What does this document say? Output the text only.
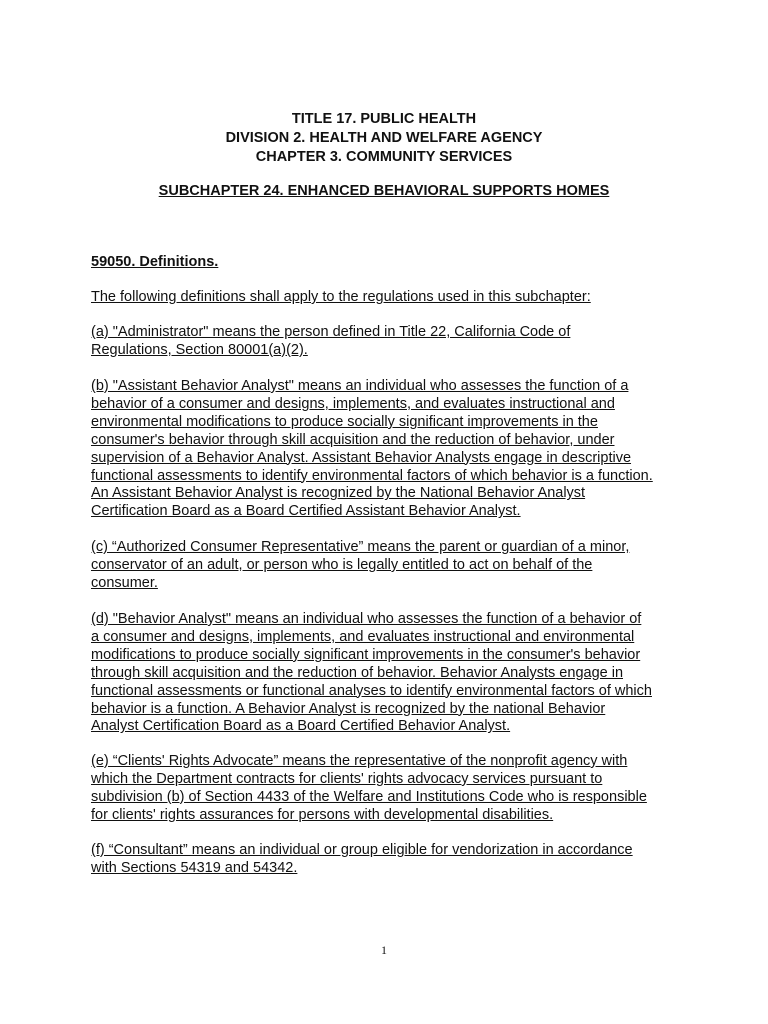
TITLE 17. PUBLIC HEALTH
DIVISION 2. HEALTH AND WELFARE AGENCY
CHAPTER 3. COMMUNITY SERVICES
SUBCHAPTER 24. ENHANCED BEHAVIORAL SUPPORTS HOMES
59050. Definitions.
The following definitions shall apply to the regulations used in this subchapter:
(a) "Administrator" means the person defined in Title 22, California Code of
Regulations, Section 80001(a)(2).
(b) "Assistant Behavior Analyst" means an individual who assesses the function of a
behavior of a consumer and designs, implements, and evaluates instructional and
environmental modifications to produce socially significant improvements in the
consumer's behavior through skill acquisition and the reduction of behavior, under
supervision of a Behavior Analyst. Assistant Behavior Analysts engage in descriptive
functional assessments to identify environmental factors of which behavior is a function.
An Assistant Behavior Analyst is recognized by the National Behavior Analyst
Certification Board as a Board Certified Assistant Behavior Analyst.
(c) “Authorized Consumer Representative” means the parent or guardian of a minor,
conservator of an adult, or person who is legally entitled to act on behalf of the
consumer.
(d) "Behavior Analyst" means an individual who assesses the function of a behavior of
a consumer and designs, implements, and evaluates instructional and environmental
modifications to produce socially significant improvements in the consumer's behavior
through skill acquisition and the reduction of behavior. Behavior Analysts engage in
functional assessments or functional analyses to identify environmental factors of which
behavior is a function. A Behavior Analyst is recognized by the national Behavior
Analyst Certification Board as a Board Certified Behavior Analyst.
(e) “Clients' Rights Advocate” means the representative of the nonprofit agency with
which the Department contracts for clients' rights advocacy services pursuant to
subdivision (b) of Section 4433 of the Welfare and Institutions Code who is responsible
for clients' rights assurances for persons with developmental disabilities.
(f) “Consultant” means an individual or group eligible for vendorization in accordance
with Sections 54319 and 54342.
1
